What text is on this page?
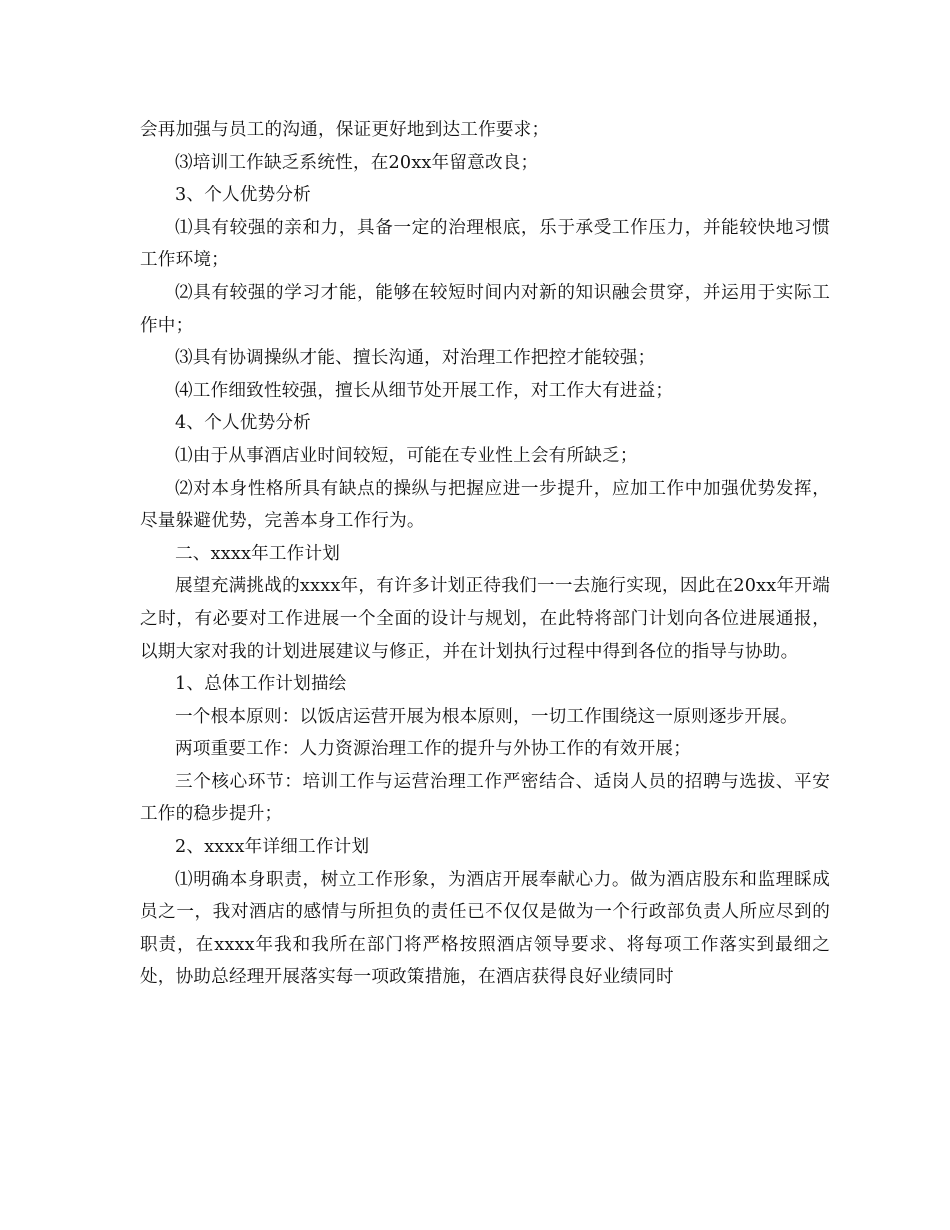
会再加强与员工的沟通，保证更好地到达工作要求；

⑶培训工作缺乏系统性，在20xx年留意改良；

3、个人优势分析

⑴具有较强的亲和力，具备一定的治理根底，乐于承受工作压力，并能较快地习惯工作环境；

⑵具有较强的学习才能，能够在较短时间内对新的知识融会贯穿，并运用于实际工作中；

⑶具有协调操纵才能、擅长沟通，对治理工作把控才能较强；

⑷工作细致性较强，擅长从细节处开展工作，对工作大有进益；

4、个人优势分析

⑴由于从事酒店业时间较短，可能在专业性上会有所缺乏；

⑵对本身性格所具有缺点的操纵与把握应进一步提升，应加工作中加强优势发挥，尽量躲避优势，完善本身工作行为。

二、xxxx年工作计划

展望充满挑战的xxxx年，有许多计划正待我们一一去施行实现，因此在20xx年开端之时，有必要对工作进展一个全面的设计与规划，在此特将部门计划向各位进展通报，以期大家对我的计划进展建议与修正，并在计划执行过程中得到各位的指导与协助。

1、总体工作计划描绘

一个根本原则：以饭店运营开展为根本原则，一切工作围绕这一原则逐步开展。

两项重要工作：人力资源治理工作的提升与外协工作的有效开展；

三个核心环节：培训工作与运营治理工作严密结合、适岗人员的招聘与选拔、平安工作的稳步提升；

2、xxxx年详细工作计划

⑴明确本身职责，树立工作形象，为酒店开展奉献心力。做为酒店股东和监理睬成员之一，我对酒店的感情与所担负的责任已不仅仅是做为一个行政部负责人所应尽到的职责，在xxxx年我和我所在部门将严格按照酒店领导要求、将每项工作落实到最细之处，协助总经理开展落实每一项政策措施，在酒店获得良好业绩同时
